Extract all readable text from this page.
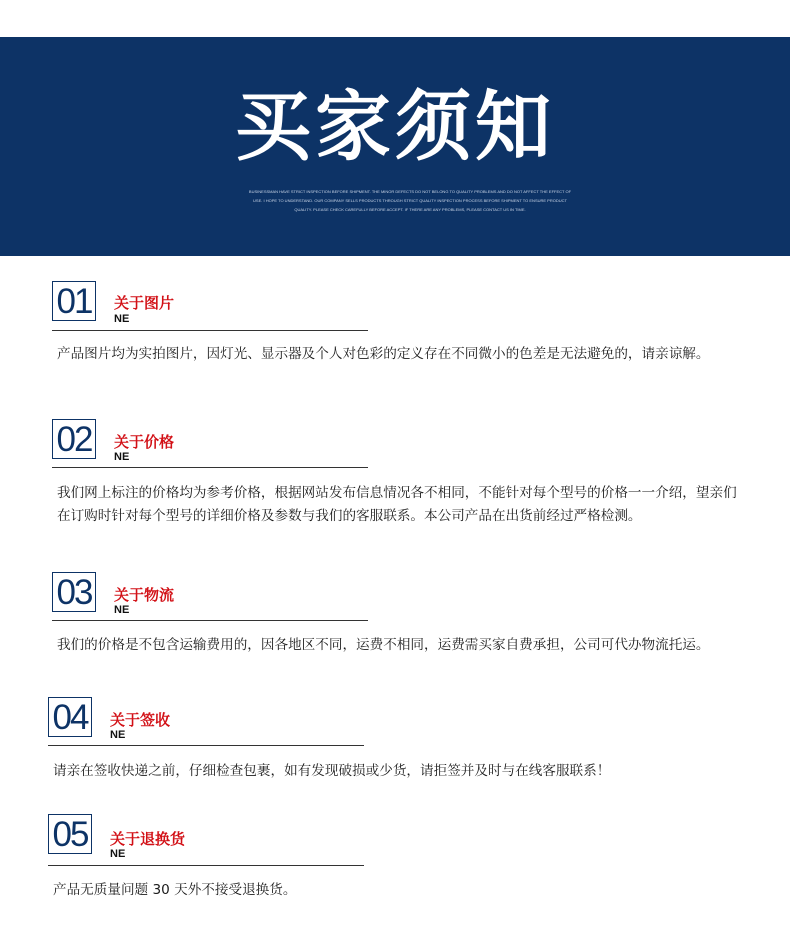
买家须知
BUSINESSMAN HAVE STRICT INSPECTION BEFORE SHIPMENT. THE MINOR DEFECTS DO NOT BELONG TO QUALITY PROBLEMS AND DO NOT AFFECT THE EFFECT OF USE. I HOPE TO UNDERSTAND. OUR COMPANY SELLS PRODUCTS THROUGH STRICT QUALITY INSPECTION PROCESS BEFORE SHIPMENT TO ENSURE PRODUCT QUALITY. PLEASE CHECK CAREFULLY BEFORE ACCEPT. IF THERE ARE ANY PROBLEMS, PLEASE CONTACT US IN TIME.
01 关于图片
NE
产品图片均为实拍图片，因灯光、显示器及个人对色彩的定义存在不同微小的色差是无法避免的，请亲谅解。
02 关于价格
NE
我们网上标注的价格均为参考价格，根据网站发布信息情况各不相同，不能针对每个型号的价格一一介绍，望亲们在订购时针对每个型号的详细价格及参数与我们的客服联系。本公司产品在出货前经过严格检测。
03 关于物流
NE
我们的价格是不包含运输费用的，因各地区不同，运费不相同，运费需买家自费承担，公司可代办物流托运。
04 关于签收
NE
请亲在签收快递之前，仔细检查包裹，如有发现破损或少货，请拒签并及时与在线客服联系！
05 关于退换货
NE
产品无质量问题 30 天外不接受退换货。
